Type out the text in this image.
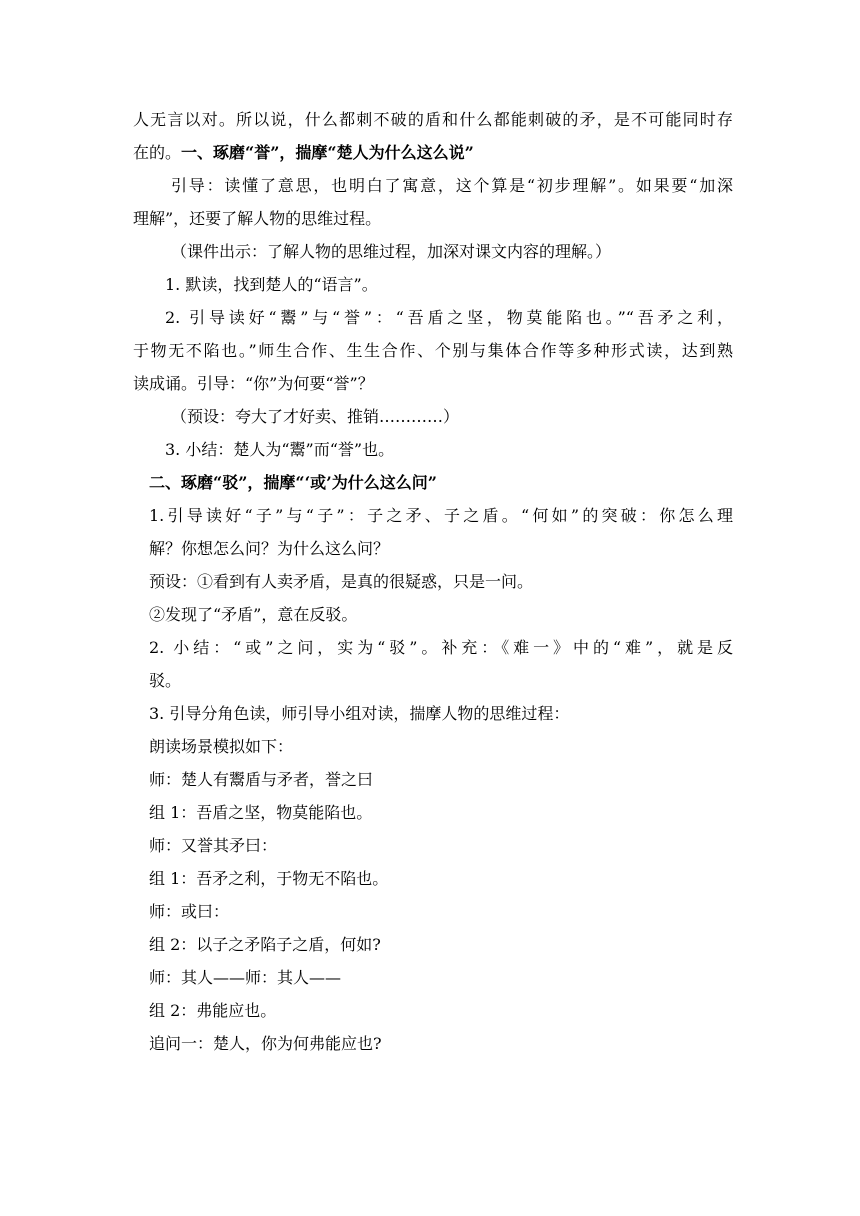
人无言以对。所以说，什么都刺不破的盾和什么都能刺破的矛，是不可能同时存
在的。一、琢磨“誉”，揣摩“楚人为什么这么说”
引导：读懂了意思，也明白了寓意，这个算是“初步理解”。如果要“加深
理解”，还要了解人物的思维过程。
（课件出示：了解人物的思维过程，加深对课文内容的理解。）
1. 默读，找到楚人的“语言”。
2. 引导读好“鬻”与“誉”：“吾盾之坚，物莫能陷也。”“吾矛之利，
于物无不陷也。”师生合作、生生合作、个别与集体合作等多种形式读，达到熟
读成诵。引导：“你”为何要“誉”？
（预设：夸大了才好卖、推销…………）
3. 小结：楚人为“鬻”而“誉”也。
二、琢磨“驳”，揣摩“‘或’为什么这么问”
1.引导读好“子”与“子”：子之矛、子之盾。“何如”的突破：你怎么理
解？你想怎么问？为什么这么问？
预设：①看到有人卖矛盾，是真的很疑惑，只是一问。
②发现了“矛盾”，意在反驳。
2. 小结：“或”之问，实为“驳”。补充：《难一》中的“难”，就是反
驳。
3. 引导分角色读，师引导小组对读，揣摩人物的思维过程：
朗读场景模拟如下：
师：楚人有鬻盾与矛者，誉之曰
组 1：吾盾之坚，物莫能陷也。
师：又誉其矛曰：
组 1：吾矛之利，于物无不陷也。
师：或曰：
组 2：以子之矛陷子之盾，何如?
师：其人——师：其人——
组 2：弗能应也。
追问一：楚人，你为何弗能应也?
